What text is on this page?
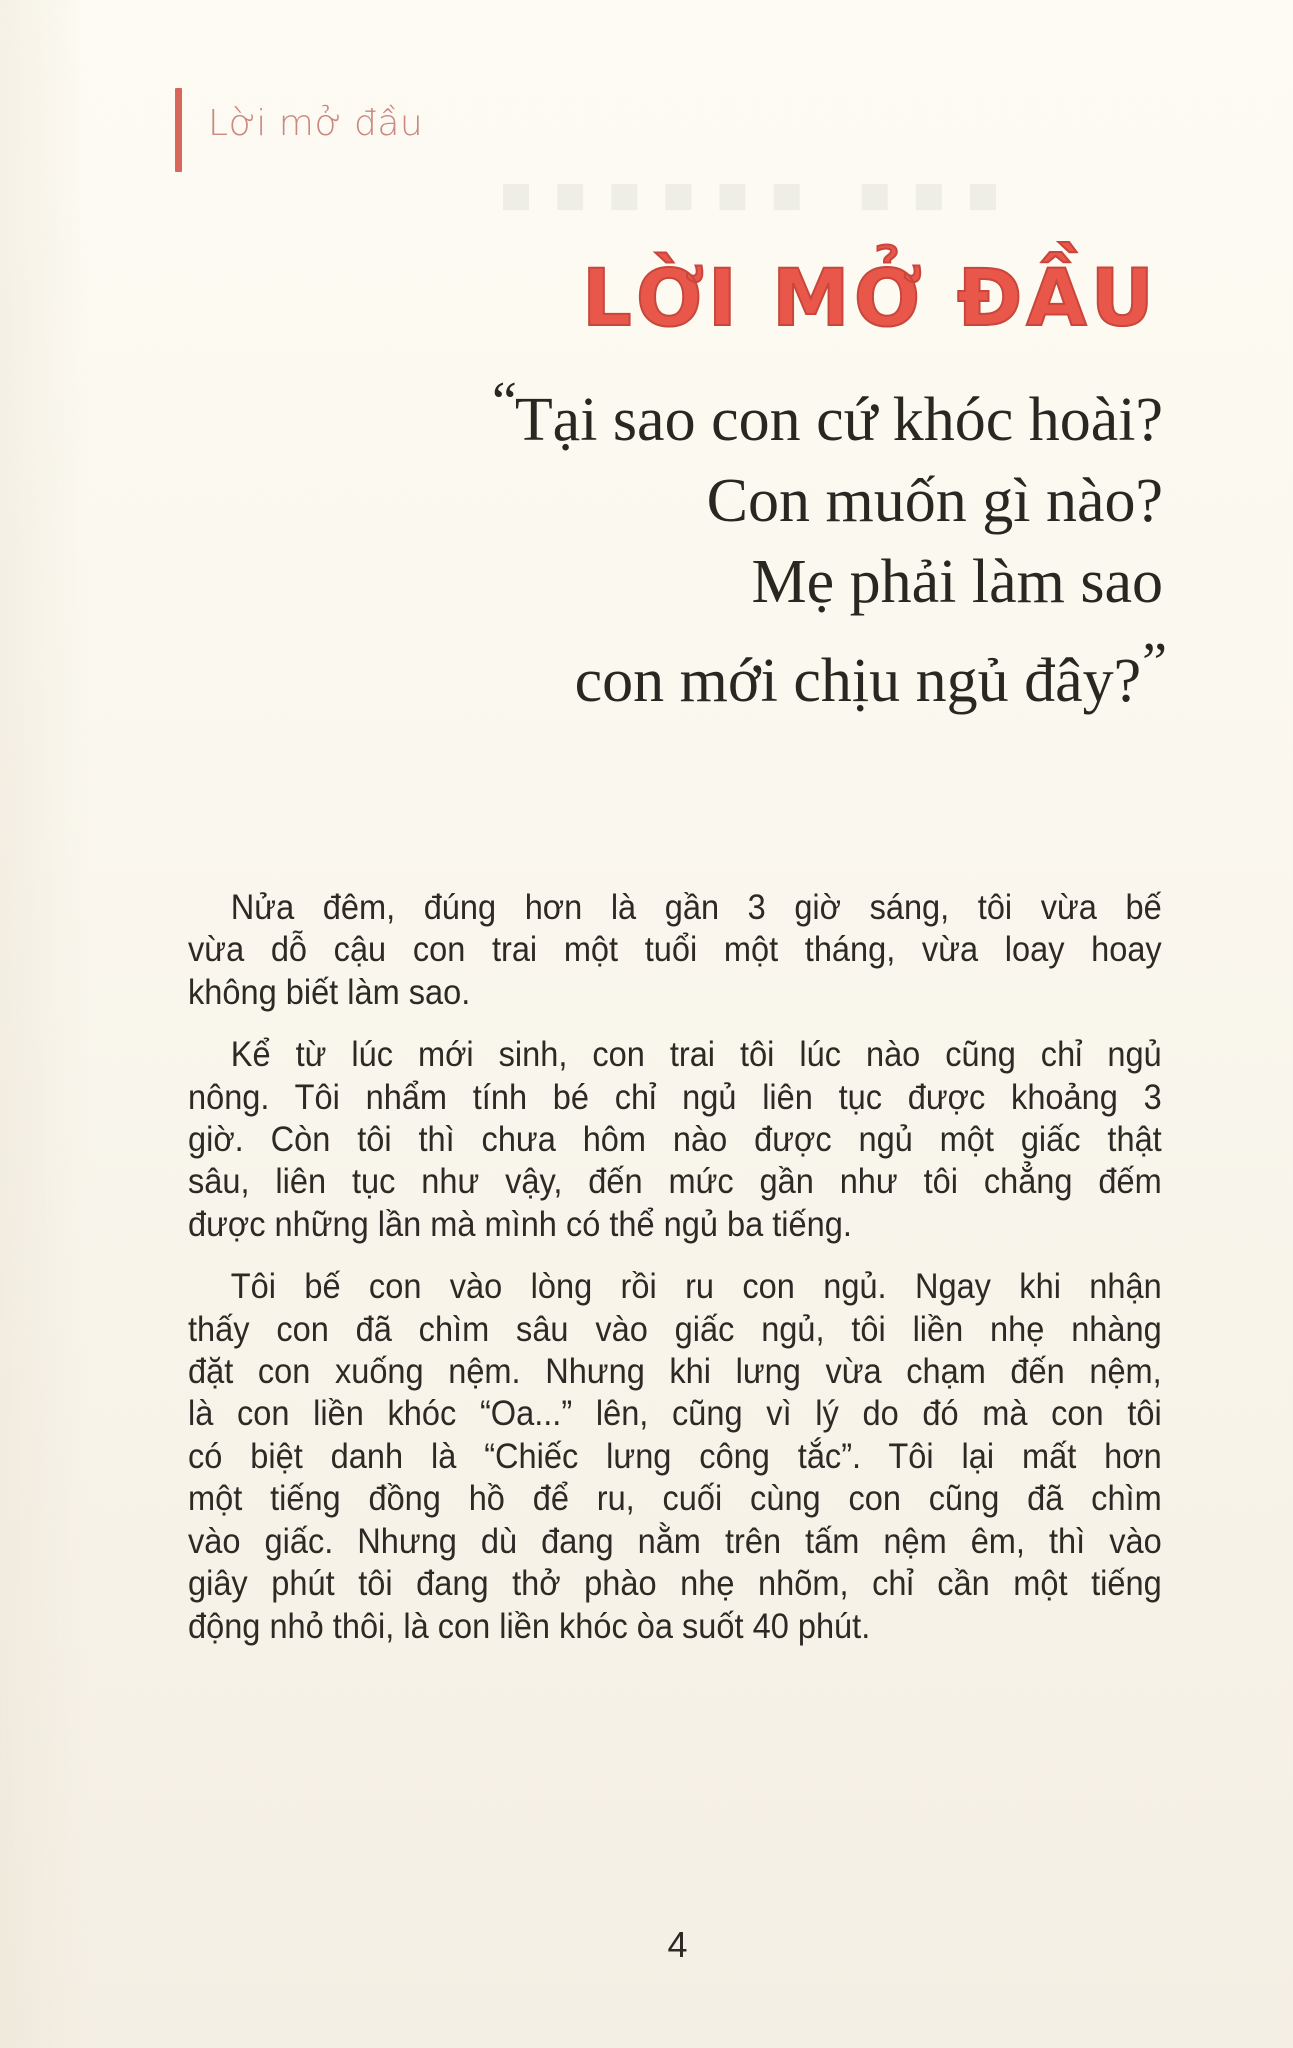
■■■■■■ ■■■
Lời mở đầu
LỜI MỞ ĐẦU
“Tại sao con cứ khóc hoài?
Con muốn gì nào?
Mẹ phải làm sao
con mới chịu ngủ đây?”
Nửa đêm, đúng hơn là gần 3 giờ sáng, tôi vừa bế
vừa dỗ cậu con trai một tuổi một tháng, vừa loay hoay
không biết làm sao.
Kể từ lúc mới sinh, con trai tôi lúc nào cũng chỉ ngủ
nông. Tôi nhẩm tính bé chỉ ngủ liên tục được khoảng 3
giờ. Còn tôi thì chưa hôm nào được ngủ một giấc thật
sâu, liên tục như vậy, đến mức gần như tôi chẳng đếm
được những lần mà mình có thể ngủ ba tiếng.
Tôi bế con vào lòng rồi ru con ngủ. Ngay khi nhận
thấy con đã chìm sâu vào giấc ngủ, tôi liền nhẹ nhàng
đặt con xuống nệm. Nhưng khi lưng vừa chạm đến nệm,
là con liền khóc “Oa...” lên, cũng vì lý do đó mà con tôi
có biệt danh là “Chiếc lưng công tắc”. Tôi lại mất hơn
một tiếng đồng hồ để ru, cuối cùng con cũng đã chìm
vào giấc. Nhưng dù đang nằm trên tấm nệm êm, thì vào
giây phút tôi đang thở phào nhẹ nhõm, chỉ cần một tiếng
động nhỏ thôi, là con liền khóc òa suốt 40 phút.
4
